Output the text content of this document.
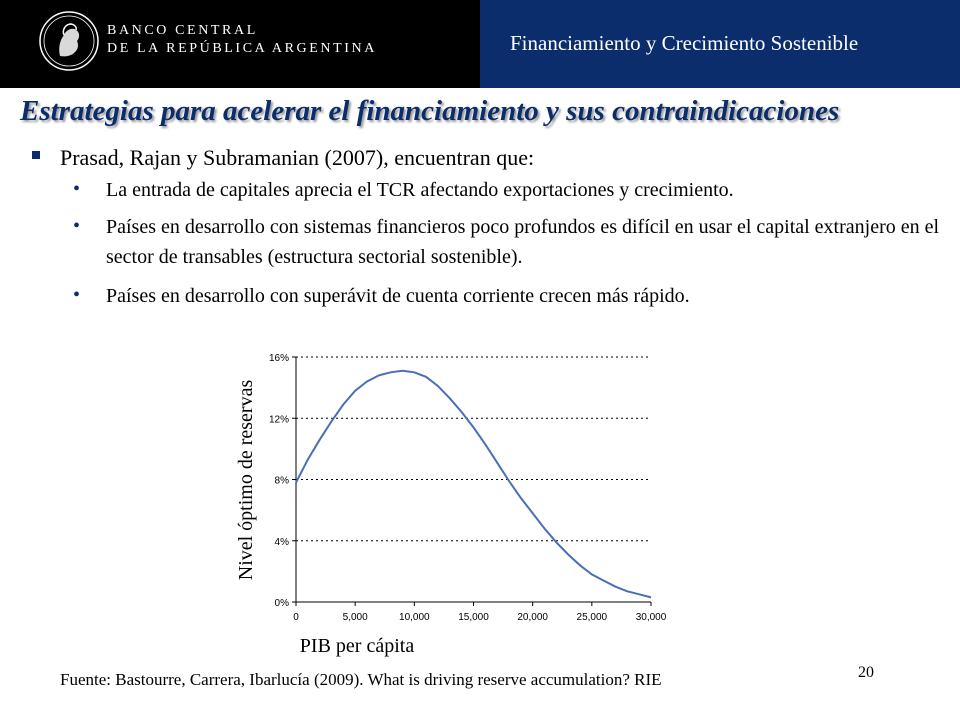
BANCO CENTRAL
DE LA REPÚBLICA ARGENTINA	Financiamiento y Crecimiento Sostenible
Estrategias para acelerar el financiamiento y sus contraindicaciones
Prasad, Rajan y Subramanian (2007), encuentran que:
• La entrada de capitales aprecia el TCR afectando exportaciones y crecimiento.
• Países en desarrollo con sistemas financieros poco profundos es difícil en usar el capital extranjero en el sector de transables (estructura sectorial sostenible).
• Países en desarrollo con superávit de cuenta corriente crecen más rápido.
0%
4%
8%
12%
16%
0	5,000	10,000	15,000	20,000	25,000	30,000
PIB per cápita
Nivel óptimo de reservas
Fuente: Bastourre, Carrera, Ibarlucía (2009). What is driving reserve accumulation? RIE	20
